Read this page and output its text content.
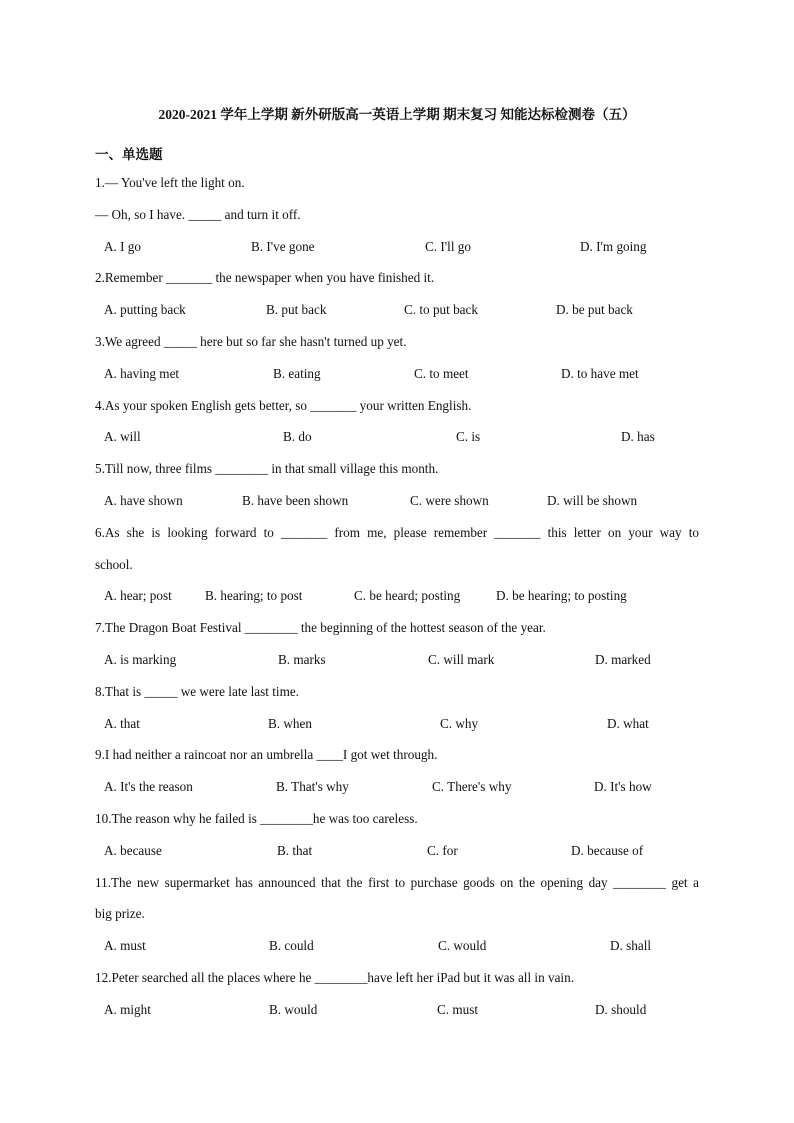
2020-2021 学年上学期 新外研版高一英语上学期 期末复习 知能达标检测卷（五）
一、单选题
1.— You've left the light on.
— Oh, so I have. _____ and turn it off.
A. I go	B. I've gone	C. I'll go	D. I'm going
2.Remember _______ the newspaper when you have finished it.
A. putting back	B. put back	C. to put back	D. be put back
3.We agreed _____ here but so far she hasn't turned up yet.
A. having met	B. eating	C. to meet	D. to have met
4.As your spoken English gets better, so _______ your written English.
A. will	B. do	C. is	D. has
5.Till now, three films ________ in that small village this month.
A. have shown	B. have been shown	C. were shown	D. will be shown
6.As she is looking forward to _______ from me, please remember _______ this letter on your way to
school.
A. hear; post	B. hearing; to post	C. be heard; posting	D. be hearing; to posting
7.The Dragon Boat Festival ________ the beginning of the hottest season of the year.
A. is marking	B. marks	C. will mark	D. marked
8.That is _____ we were late last time.
A. that	B. when	C. why	D. what
9.I had neither a raincoat nor an umbrella ____I got wet through.
A. It's the reason	B. That's why	C. There's why	D. It's how
10.The reason why he failed is ________he was too careless.
A. because	B. that	C. for	D. because of
11.The new supermarket has announced that the first to purchase goods on the opening day ________ get a
big prize.
A. must	B. could	C. would	D. shall
12.Peter searched all the places where he ________have left her iPad but it was all in vain.
A. might	B. would	C. must	D. should
